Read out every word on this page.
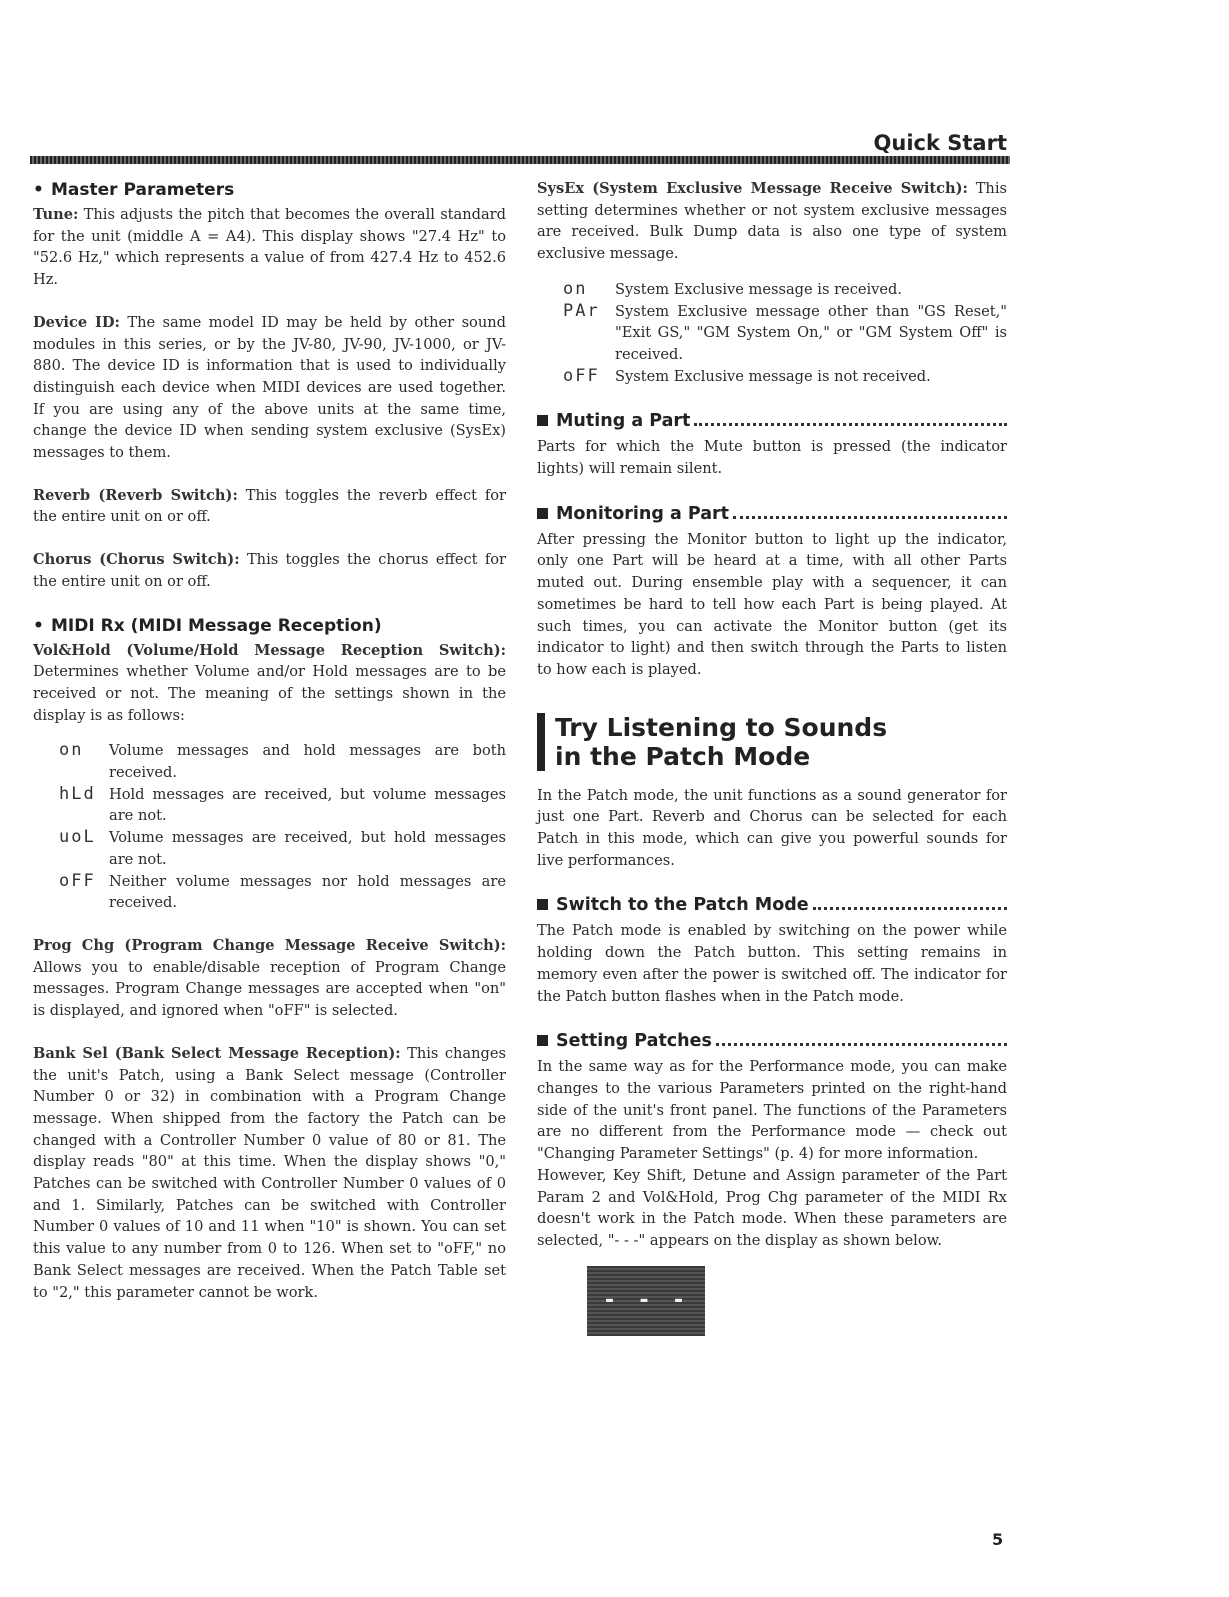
Quick Start
• Master Parameters

Tune: This adjusts the pitch that becomes the overall standard for the unit (middle A = A4). This display shows "27.4 Hz" to "52.6 Hz," which represents a value of from 427.4 Hz to 452.6 Hz.

Device ID: The same model ID may be held by other sound modules in this series, or by the JV-80, JV-90, JV-1000, or JV-880. The device ID is information that is used to individually distinguish each device when MIDI devices are used together. If you are using any of the above units at the same time, change the device ID when sending system exclusive (SysEx) messages to them.

Reverb (Reverb Switch): This toggles the reverb effect for the entire unit on or off.

Chorus (Chorus Switch): This toggles the chorus effect for the entire unit on or off.

• MIDI Rx (MIDI Message Reception)

Vol&Hold (Volume/Hold Message Reception Switch): Determines whether Volume and/or Hold messages are to be received or not. The meaning of the settings shown in the display is as follows:

on	Volume messages and hold messages are both received.

hLd Hold messages are received, but volume messages are not.

uoL Volume messages are received, but hold messages are not.

oFF Neither volume messages nor hold messages are received.

Prog Chg (Program Change Message Receive Switch): Allows you to enable/disable reception of Program Change messages. Program Change messages are accepted when "on" is displayed, and ignored when "oFF" is selected.

Bank Sel (Bank Select Message Reception): This changes the unit's Patch, using a Bank Select message (Controller Number 0 or 32) in combination with a Program Change message. When shipped from the factory the Patch can be changed with a Controller Number 0 value of 80 or 81. The display reads "80" at this time. When the display shows "0," Patches can be switched with Controller Number 0 values of 0 and 1. Similarly, Patches can be switched with Controller Number 0 values of 10 and 11 when "10" is shown. You can set this value to any number from 0 to 126. When set to "oFF," no Bank Select messages are received. When the Patch Table set to "2," this parameter cannot be work.

SysEx (System Exclusive Message Receive Switch): This setting determines whether or not system exclusive messages are received. Bulk Dump data is also one type of system exclusive message.

on	System Exclusive message is received.

PAr	System Exclusive message other than "GS Reset," "Exit GS," "GM System On," or "GM System Off" is received.

oFF	System Exclusive message is not received.

Muting a Part

Parts for which the Mute button is pressed (the indicator lights) will remain silent.

Monitoring a Part

After pressing the Monitor button to light up the indicator, only one Part will be heard at a time, with all other Parts muted out. During ensemble play with a sequencer, it can sometimes be hard to tell how each Part is being played. At such times, you can activate the Monitor button (get its indicator to light) and then switch through the Parts to listen to how each is played.

Try Listening to Sounds
in the Patch Mode

In the Patch mode, the unit functions as a sound generator for just one Part. Reverb and Chorus can be selected for each Patch in this mode, which can give you powerful sounds for live performances.

Switch to the Patch Mode

The Patch mode is enabled by switching on the power while holding down the Patch button. This setting remains in memory even after the power is switched off. The indicator for the Patch button flashes when in the Patch mode.

Setting Patches

In the same way as for the Performance mode, you can make changes to the various Parameters printed on the right-hand side of the unit's front panel. The functions of the Parameters are no different from the Performance mode — check out "Changing Parameter Settings" (p. 4) for more information.

However, Key Shift, Detune and Assign parameter of the Part Param 2 and Vol&Hold, Prog Chg parameter of the MIDI Rx doesn't work in the Patch mode. When these parameters are selected, "- - -" appears on the display as shown below.

- - -
5
